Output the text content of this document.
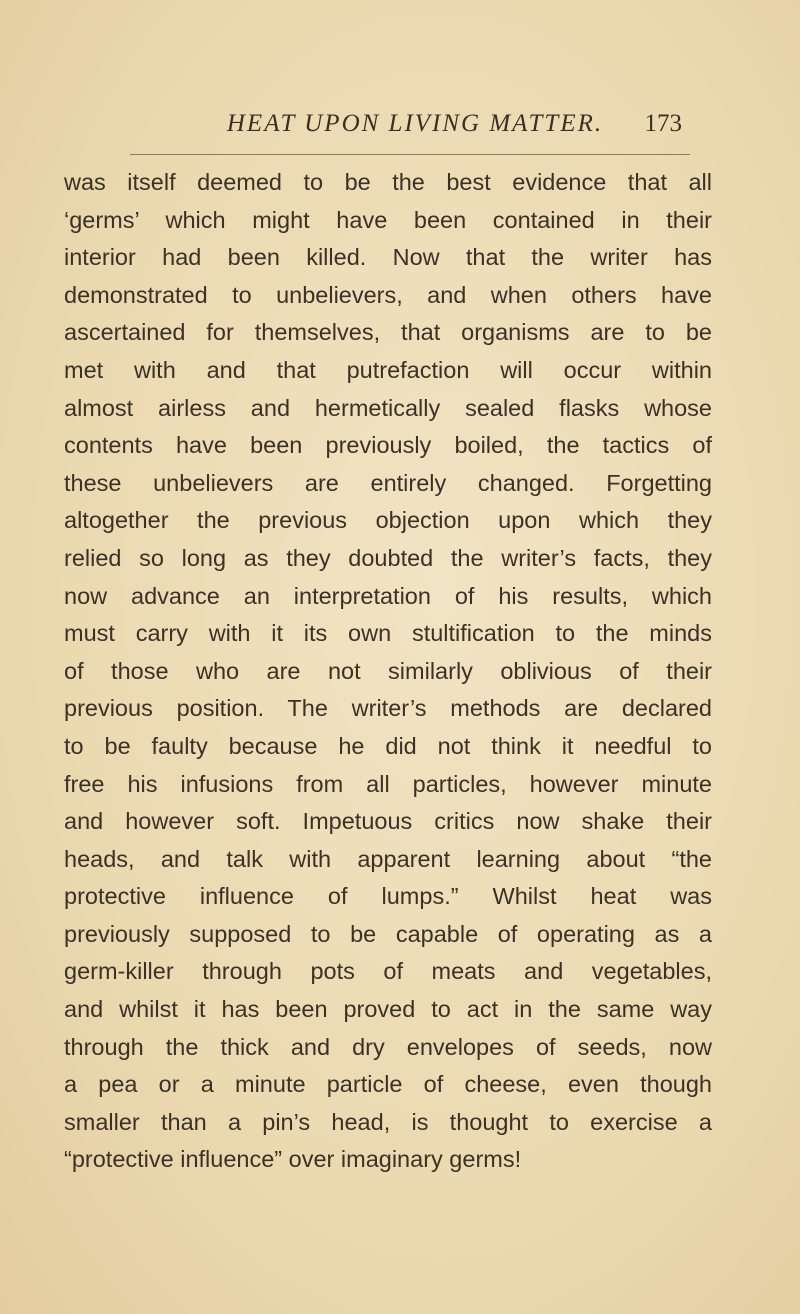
HEAT UPON LIVING MATTER.	173
was itself deemed to be the best evidence that all
‘germs’ which might have been contained in their
interior had been killed. Now that the writer has
demonstrated to unbelievers, and when others have
ascertained for themselves, that organisms are to be
met with and that putrefaction will occur within
almost airless and hermetically sealed flasks whose
contents have been previously boiled, the tactics of
these unbelievers are entirely changed. Forgetting
altogether the previous objection upon which they
relied so long as they doubted the writer’s facts, they
now advance an interpretation of his results, which
must carry with it its own stultification to the minds
of those who are not similarly oblivious of their
previous position. The writer’s methods are declared
to be faulty because he did not think it needful to
free his infusions from all particles, however minute
and however soft. Impetuous critics now shake their
heads, and talk with apparent learning about “the
protective influence of lumps.” Whilst heat was
previously supposed to be capable of operating as a
germ-killer through pots of meats and vegetables,
and whilst it has been proved to act in the same way
through the thick and dry envelopes of seeds, now
a pea or a minute particle of cheese, even though
smaller than a pin’s head, is thought to exercise a
“protective influence” over imaginary germs!
